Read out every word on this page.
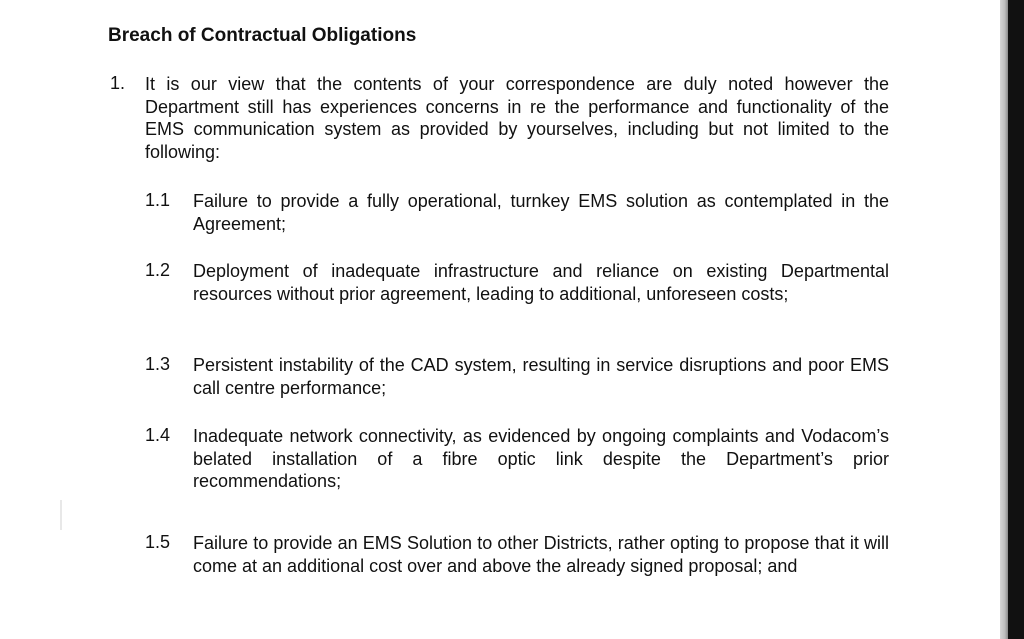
Breach of Contractual Obligations
1. It is our view that the contents of your correspondence are duly noted however the Department still has experiences concerns in re the performance and functionality of the EMS communication system as provided by yourselves, including but not limited to the following:
1.1 Failure to provide a fully operational, turnkey EMS solution as contemplated in the Agreement;
1.2 Deployment of inadequate infrastructure and reliance on existing Departmental resources without prior agreement, leading to additional, unforeseen costs;
1.3 Persistent instability of the CAD system, resulting in service disruptions and poor EMS call centre performance;
1.4 Inadequate network connectivity, as evidenced by ongoing complaints and Vodacom’s belated installation of a fibre optic link despite the Department’s prior recommendations;
1.5 Failure to provide an EMS Solution to other Districts, rather opting to propose that it will come at an additional cost over and above the already signed proposal; and
